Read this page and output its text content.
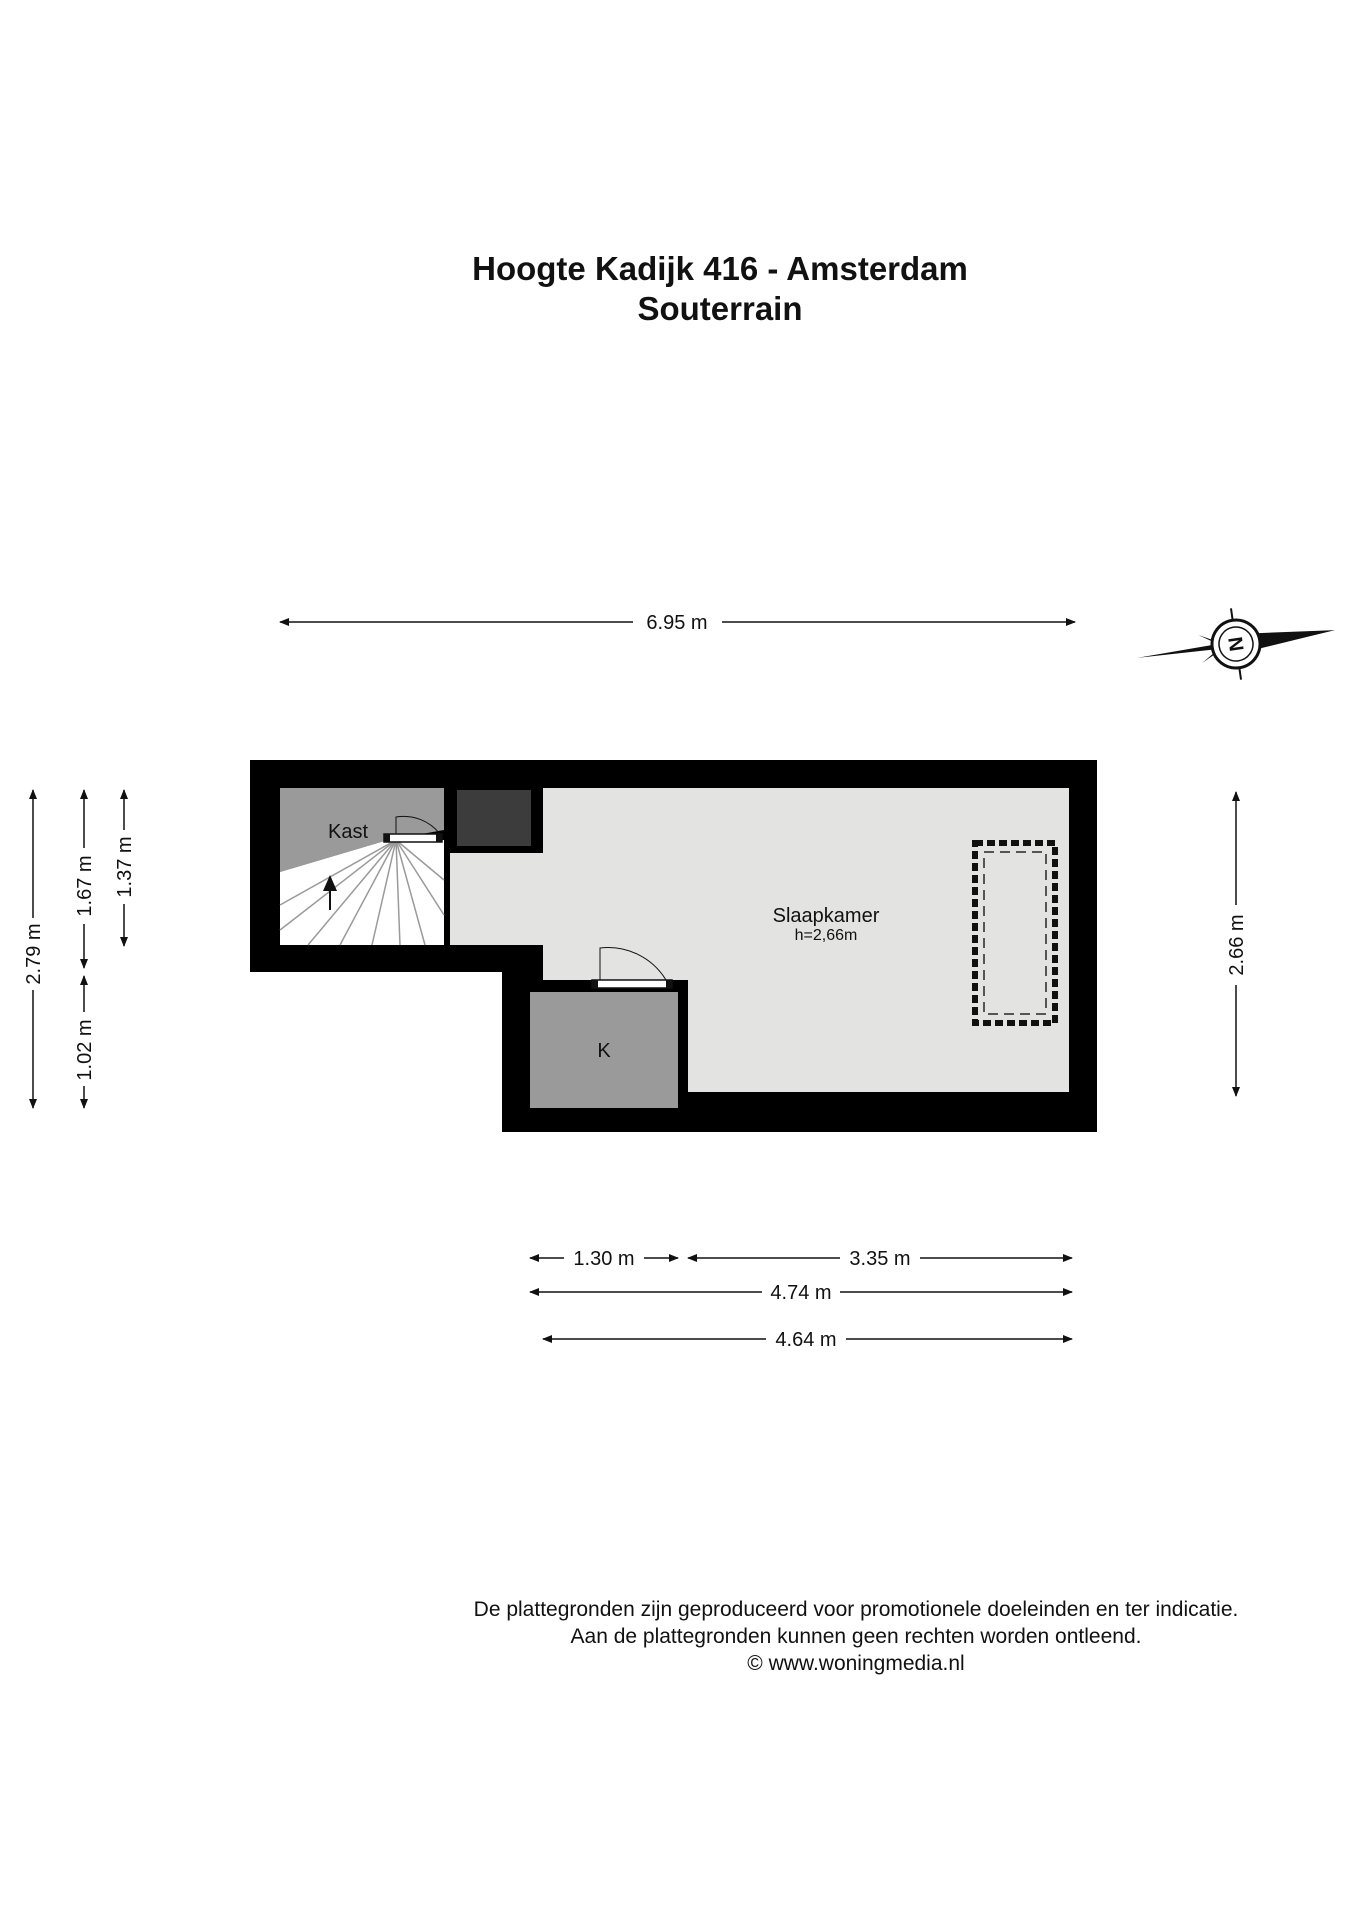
Hoogte Kadijk 416 - Amsterdam
Souterrain
Kast
Slaapkamer
h=2,66m
K
6.95 m
2.66 m
2.79 m
1.67 m
1.02 m
1.37 m
1.30 m	3.35 m
4.74 m
4.64 m
N
De plattegronden zijn geproduceerd voor promotionele doeleinden en ter indicatie.
Aan de plattegronden kunnen geen rechten worden ontleend.
© www.woningmedia.nl
